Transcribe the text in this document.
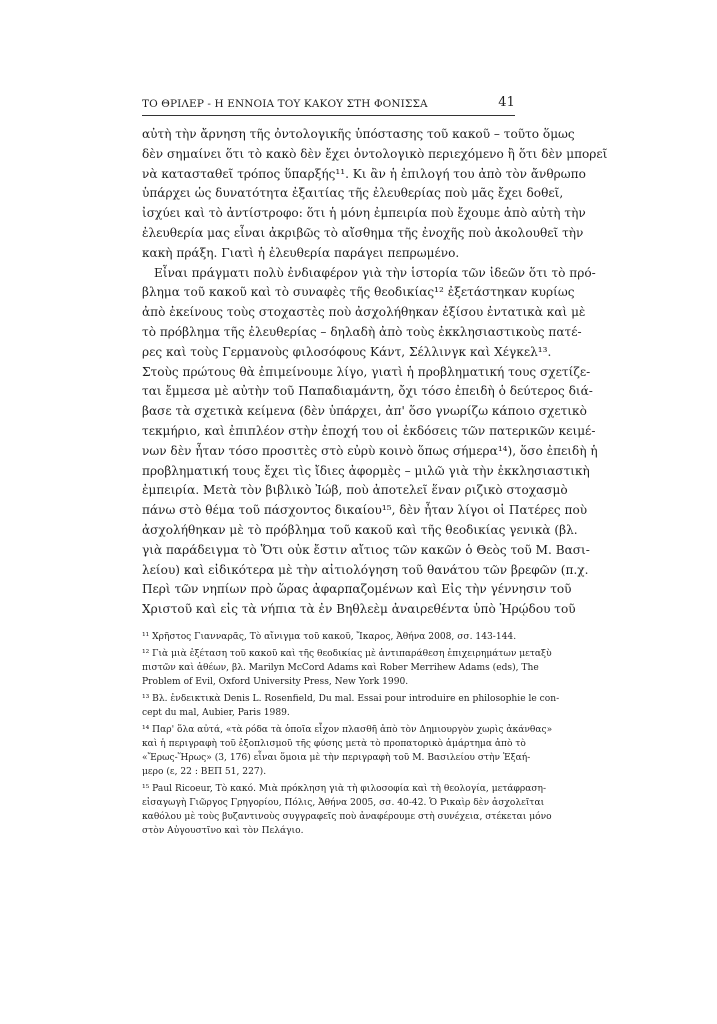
ΤΟ ΘΡΙΛΕΡ - Η ΕΝΝΟΙΑ ΤΟΥ ΚΑΚΟΥ ΣΤΗ ΦΟΝΙΣΣΑ	41
αὐτὴ τὴν ἄρνηση τῆς ὀντολογικῆς ὑπόστασης τοῦ κακοῦ – τοῦτο ὅμως
δὲν σημαίνει ὅτι τὸ κακὸ δὲν ἔχει ὀντολογικὸ περιεχόμενο ἢ ὅτι δὲν μπορεῖ
νὰ κατασταθεῖ τρόπος ὕπαρξής¹¹. Κι ἂν ἡ ἐπιλογή του ἀπὸ τὸν ἄνθρωπο
ὑπάρχει ὡς δυνατότητα ἐξαιτίας τῆς ἐλευθερίας ποὺ μᾶς ἔχει δοθεῖ,
ἰσχύει καὶ τὸ ἀντίστροφο: ὅτι ἡ μόνη ἐμπειρία ποὺ ἔχουμε ἀπὸ αὐτὴ τὴν
ἐλευθερία μας εἶναι ἀκριβῶς τὸ αἴσθημα τῆς ἐνοχῆς ποὺ ἀκολουθεῖ τὴν
κακὴ πράξη. Γιατὶ ἡ ἐλευθερία παράγει πεπρωμένο.
Εἶναι πράγματι πολὺ ἐνδιαφέρον γιὰ τὴν ἱστορία τῶν ἰδεῶν ὅτι τὸ πρό-
βλημα τοῦ κακοῦ καὶ τὸ συναφὲς τῆς θεοδικίας¹² ἐξετάστηκαν κυρίως
ἀπὸ ἐκείνους τοὺς στοχαστὲς ποὺ ἀσχολήθηκαν ἐξίσου ἐντατικὰ καὶ μὲ
τὸ πρόβλημα τῆς ἐλευθερίας – δηλαδὴ ἀπὸ τοὺς ἐκκλησιαστικοὺς πατέ-
ρες καὶ τοὺς Γερμανοὺς φιλοσόφους Κάντ, Σέλλινγκ καὶ Χέγκελ¹³.
Στοὺς πρώτους θὰ ἐπιμείνουμε λίγο, γιατὶ ἡ προβληματική τους σχετίζε-
ται ἔμμεσα μὲ αὐτὴν τοῦ Παπαδιαμάντη, ὄχι τόσο ἐπειδὴ ὁ δεύτερος διά-
βασε τὰ σχετικὰ κείμενα (δὲν ὑπάρχει, ἀπ' ὅσο γνωρίζω κάποιο σχετικὸ
τεκμήριο, καὶ ἐπιπλέον στὴν ἐποχή του οἱ ἐκδόσεις τῶν πατερικῶν κειμέ-
νων δὲν ἦταν τόσο προσιτὲς στὸ εὐρὺ κοινὸ ὅπως σήμερα¹⁴), ὅσο ἐπειδὴ ἡ
προβληματική τους ἔχει τὶς ἴδιες ἀφορμὲς – μιλῶ γιὰ τὴν ἐκκλησιαστικὴ
ἐμπειρία. Μετὰ τὸν βιβλικὸ Ἰώβ, ποὺ ἀποτελεῖ ἕναν ριζικὸ στοχασμὸ
πάνω στὸ θέμα τοῦ πάσχοντος δικαίου¹⁵, δὲν ἦταν λίγοι οἱ Πατέρες ποὺ
ἀσχολήθηκαν μὲ τὸ πρόβλημα τοῦ κακοῦ καὶ τῆς θεοδικίας γενικὰ (βλ.
γιὰ παράδειγμα τὸ Ὅτι οὐκ ἔστιν αἴτιος τῶν κακῶν ὁ Θεὸς τοῦ Μ. Βασι-
λείου) καὶ εἰδικότερα μὲ τὴν αἰτιολόγηση τοῦ θανάτου τῶν βρεφῶν (π.χ.
Περὶ τῶν νηπίων πρὸ ὥρας ἀφαρπαζομένων καὶ Εἰς τὴν γέννησιν τοῦ
Χριστοῦ καὶ εἰς τὰ νήπια τὰ ἐν Βηθλεὲμ ἀναιρεθέντα ὑπὸ Ἡρῴδου τοῦ
¹¹ Χρῆστος Γιανναρᾶς, Τὸ αἴνιγμα τοῦ κακοῦ, Ἴκαρος, Ἀθήνα 2008, σσ. 143-144.
¹² Γιὰ μιὰ ἐξέταση τοῦ κακοῦ καὶ τῆς θεοδικίας μὲ ἀντιπαράθεση ἐπιχειρημάτων μεταξὺ
πιστῶν καὶ ἀθέων, βλ. Marilyn McCord Adams καὶ Rober Merrihew Adams (eds), The
Problem of Evil, Oxford University Press, New York 1990.
¹³ Βλ. ἐνδεικτικὰ Denis L. Rosenfield, Du mal. Essai pour introduire en philosophie le con-
cept du mal, Aubier, Paris 1989.
¹⁴ Παρ' ὅλα αὐτά, «τὰ ρόδα τὰ ὁποῖα εἶχον πλασθῆ ἀπὸ τὸν Δημιουργὸν χωρὶς ἀκάνθας»
καὶ ἡ περιγραφὴ τοῦ ἐξοπλισμοῦ τῆς φύσης μετὰ τὸ προπατορικὸ ἁμάρτημα ἀπὸ τὸ
«Ἔρως-Ἥρως» (3, 176) εἶναι ὅμοια μὲ τὴν περιγραφὴ τοῦ Μ. Βασιλείου στὴν Ἑξαή-
μερο (ε, 22 : ΒΕΠ 51, 227).
¹⁵ Paul Ricoeur, Τὸ κακό. Μιὰ πρόκληση γιὰ τὴ φιλοσοφία καὶ τὴ θεολογία, μετάφραση-
εἰσαγωγὴ Γιῶργος Γρηγορίου, Πόλις, Ἀθήνα 2005, σσ. 40-42. Ὁ Ρικαὶρ δὲν ἀσχολεῖται
καθόλου μὲ τοὺς βυζαντινοὺς συγγραφεῖς ποὺ ἀναφέρουμε στὴ συνέχεια, στέκεται μόνο
στὸν Αὐγουστῖνο καὶ τὸν Πελάγιο.
